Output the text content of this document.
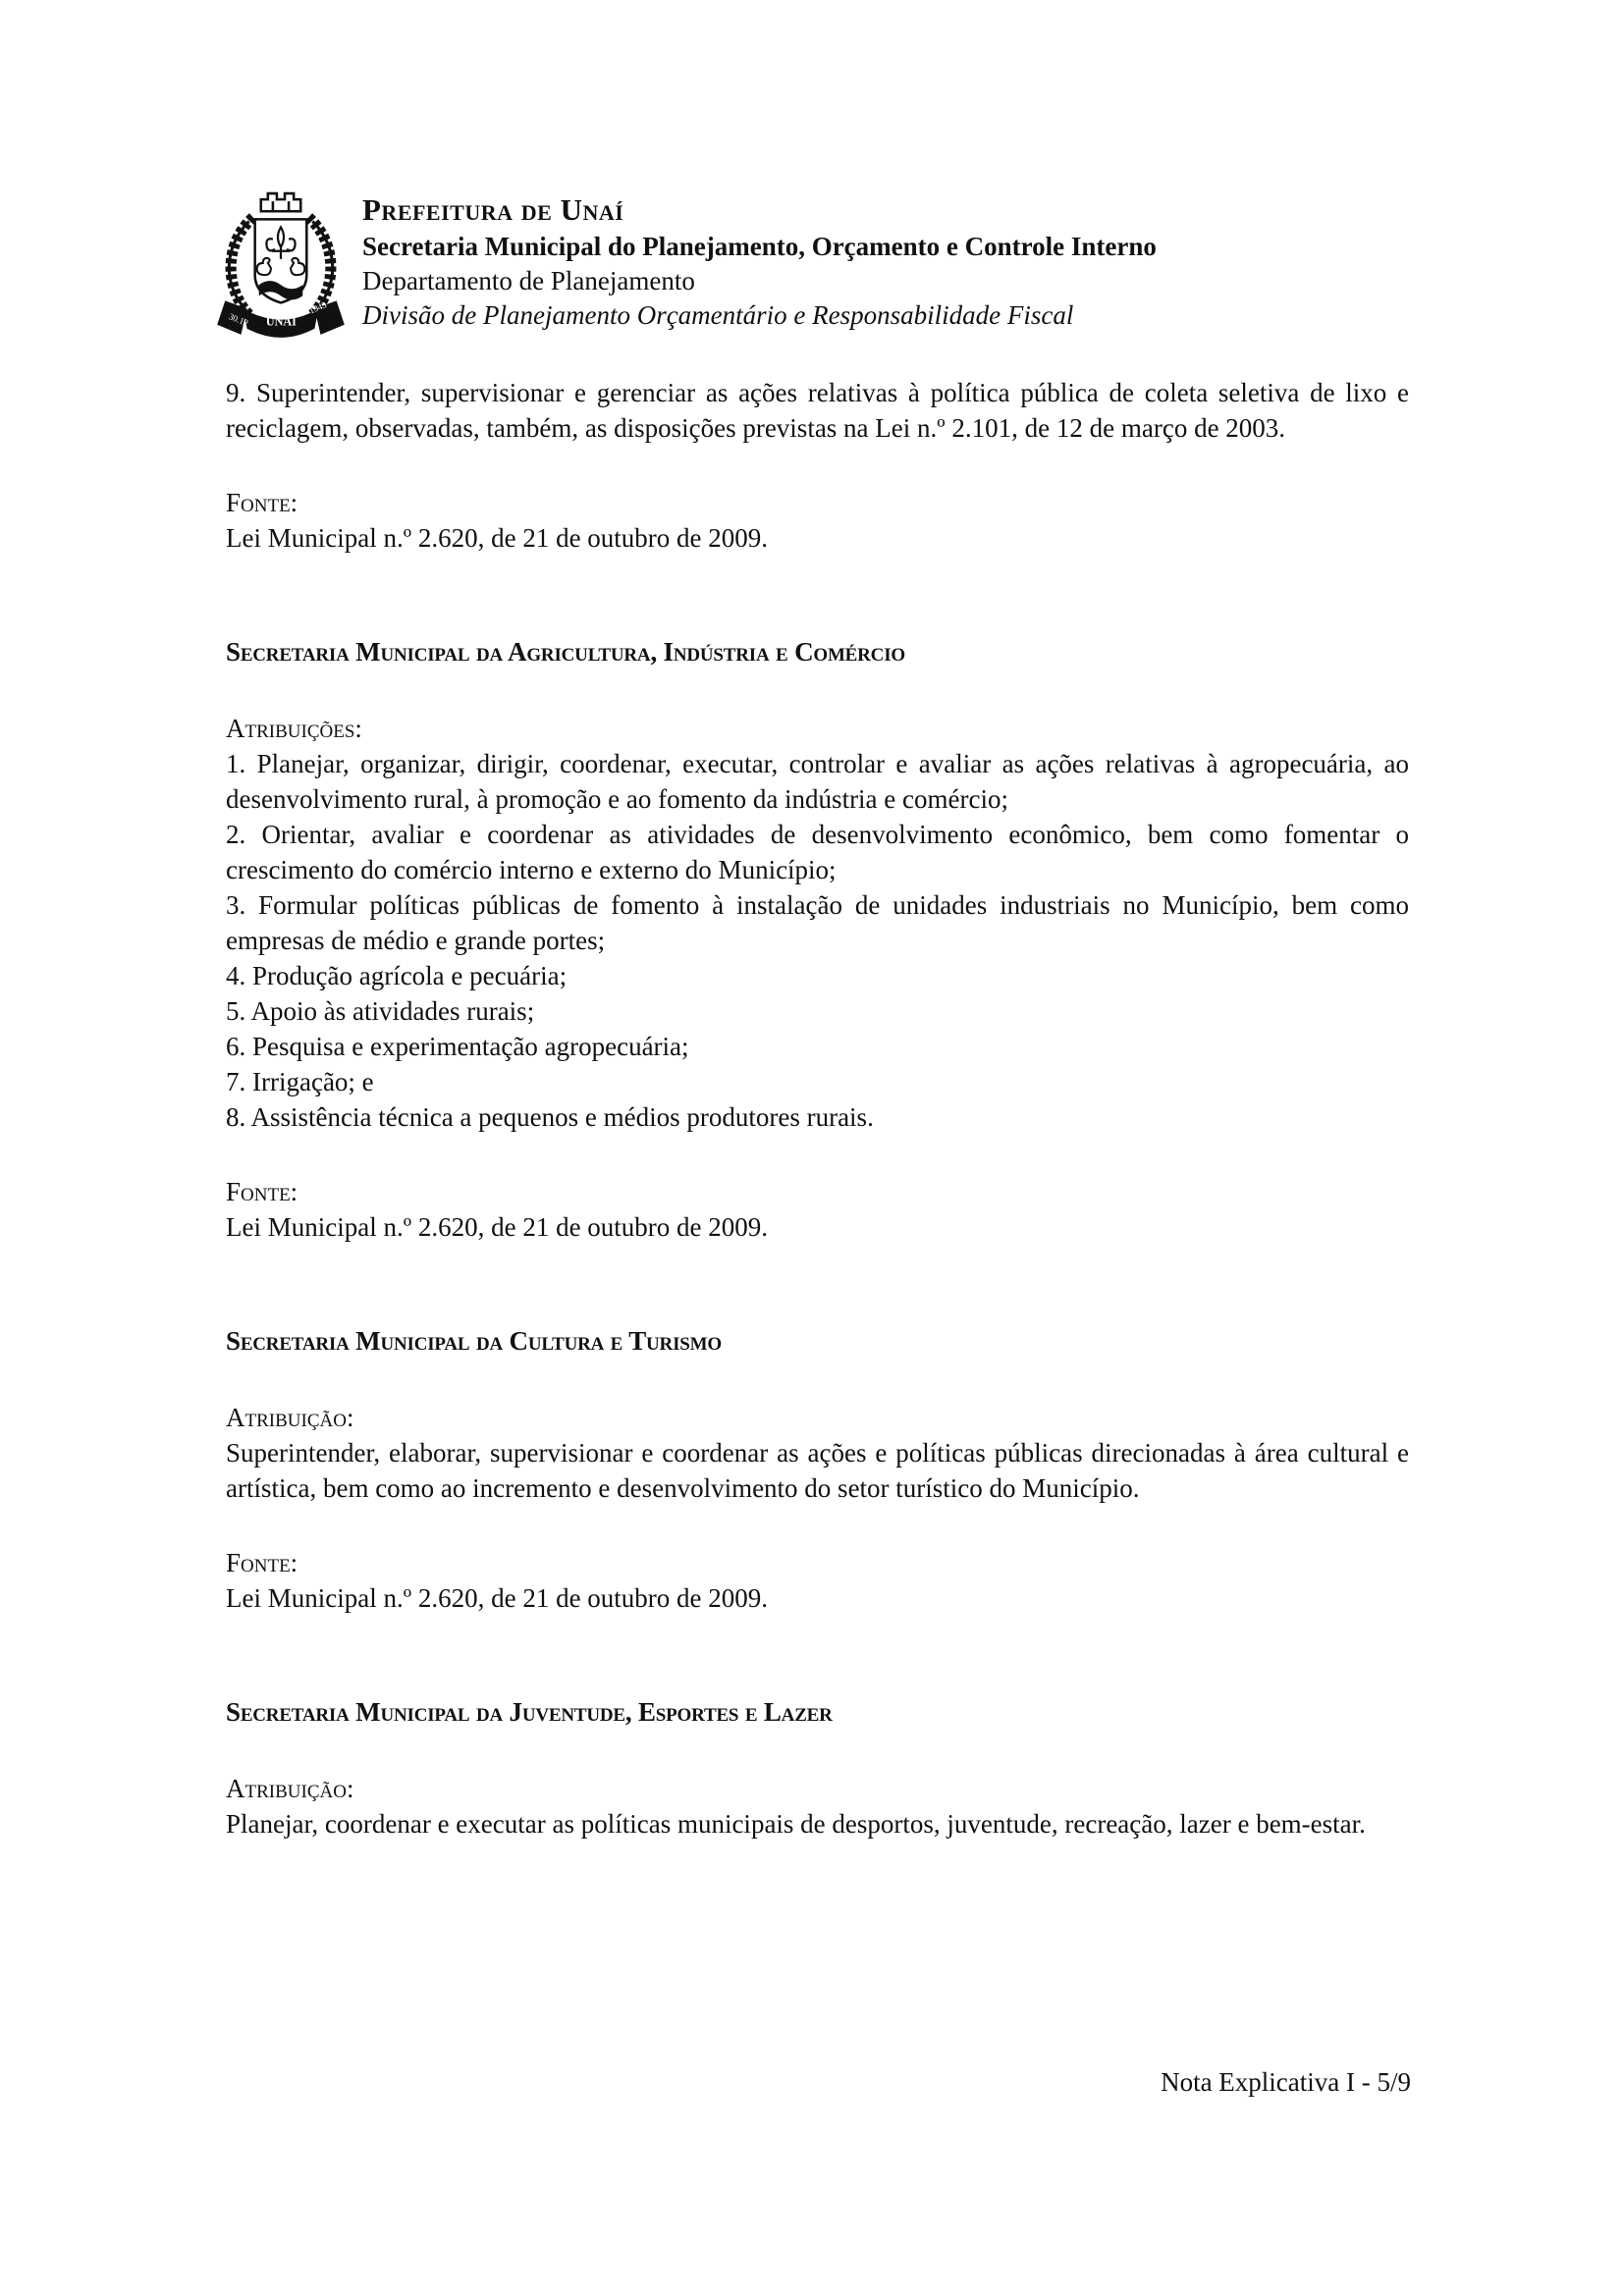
30.12 UNAÍ
1943
Prefeitura de Unaí
Secretaria Municipal do Planejamento, Orçamento e Controle Interno
Departamento de Planejamento
Divisão de Planejamento Orçamentário e Responsabilidade Fiscal

9. Superintender, supervisionar e gerenciar as ações relativas à política pública de coleta seletiva de lixo e reciclagem, observadas, também, as disposições previstas na Lei n.º 2.101, de 12 de março de 2003.

Fonte:

Lei Municipal n.º 2.620, de 21 de outubro de 2009.

Secretaria Municipal da Agricultura, Indústria e Comércio

Atribuições:

1. Planejar, organizar, dirigir, coordenar, executar, controlar e avaliar as ações relativas à agropecuária, ao desenvolvimento rural, à promoção e ao fomento da indústria e comércio;

2. Orientar, avaliar e coordenar as atividades de desenvolvimento econômico, bem como fomentar o crescimento do comércio interno e externo do Município;

3. Formular políticas públicas de fomento à instalação de unidades industriais no Município, bem como empresas de médio e grande portes;

4. Produção agrícola e pecuária;

5. Apoio às atividades rurais;

6. Pesquisa e experimentação agropecuária;

7. Irrigação; e

8. Assistência técnica a pequenos e médios produtores rurais.

Fonte:

Lei Municipal n.º 2.620, de 21 de outubro de 2009.

Secretaria Municipal da Cultura e Turismo

Atribuição:

Superintender, elaborar, supervisionar e coordenar as ações e políticas públicas direcionadas à área cultural e artística, bem como ao incremento e desenvolvimento do setor turístico do Município.

Fonte:

Lei Municipal n.º 2.620, de 21 de outubro de 2009.

Secretaria Municipal da Juventude, Esportes e Lazer

Atribuição:

Planejar, coordenar e executar as políticas municipais de desportos, juventude, recreação, lazer e bem-estar.

Nota Explicativa I - 5/9
